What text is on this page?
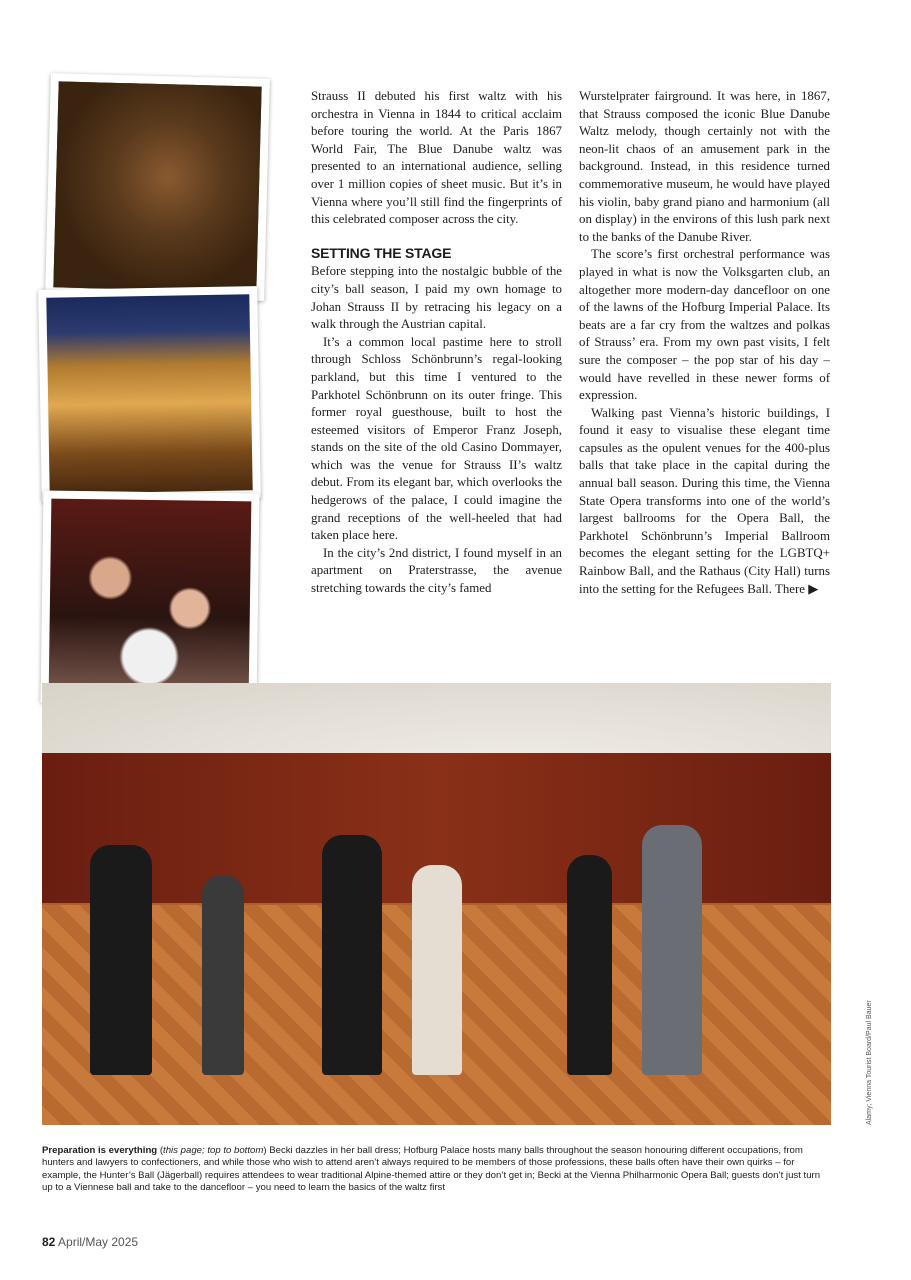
Strauss II debuted his first waltz with his orchestra in Vienna in 1844 to critical acclaim before touring the world. At the Paris 1867 World Fair, The Blue Danube waltz was presented to an international audience, selling over 1 million copies of sheet music. But it’s in Vienna where you’ll still find the fingerprints of this celebrated composer across the city.

SETTING THE STAGE

Before stepping into the nostalgic bubble of the city’s ball season, I paid my own homage to Johan Strauss II by retracing his legacy on a walk through the Austrian capital.

It’s a common local pastime here to stroll through Schloss Schönbrunn’s regal-looking parkland, but this time I ventured to the Parkhotel Schönbrunn on its outer fringe. This former royal guesthouse, built to host the esteemed visitors of Emperor Franz Joseph, stands on the site of the old Casino Dommayer, which was the venue for Strauss II’s waltz debut. From its elegant bar, which overlooks the hedgerows of the palace, I could imagine the grand receptions of the well-heeled that had taken place here.

In the city’s 2nd district, I found myself in an apartment on Praterstrasse, the avenue stretching towards the city’s famed

Wurstelprater fairground. It was here, in 1867, that Strauss composed the iconic Blue Danube Waltz melody, though certainly not with the neon-lit chaos of an amusement park in the background. Instead, in this residence turned commemorative museum, he would have played his violin, baby grand piano and harmonium (all on display) in the environs of this lush park next to the banks of the Danube River.

The score’s first orchestral performance was played in what is now the Volksgarten club, an altogether more modern-day dancefloor on one of the lawns of the Hofburg Imperial Palace. Its beats are a far cry from the waltzes and polkas of Strauss’ era. From my own past visits, I felt sure the composer – the pop star of his day – would have revelled in these newer forms of expression.

Walking past Vienna’s historic buildings, I found it easy to visualise these elegant time capsules as the opulent venues for the 400-plus balls that take place in the capital during the annual ball season. During this time, the Vienna State Opera transforms into one of the world’s largest ballrooms for the Opera Ball, the Parkhotel Schönbrunn’s Imperial Ballroom becomes the elegant setting for the LGBTQ+ Rainbow Ball, and the Rathaus (City Hall) turns into the setting for the Refugees Ball. There ▶

Alamy; Vienna Tourist Board/Paul Bauer
Preparation is everything (this page; top to bottom) Becki dazzles in her ball dress; Hofburg Palace hosts many balls throughout the season honouring different occupations, from hunters and lawyers to confectioners, and while those who wish to attend aren’t always required to be members of those professions, these balls often have their own quirks – for example, the Hunter’s Ball (Jägerball) requires attendees to wear traditional Alpine-themed attire or they don’t get in; Becki at the Vienna Philharmonic Opera Ball; guests don’t just turn up to a Viennese ball and take to the dancefloor – you need to learn the basics of the waltz first
82 April/May 2025
